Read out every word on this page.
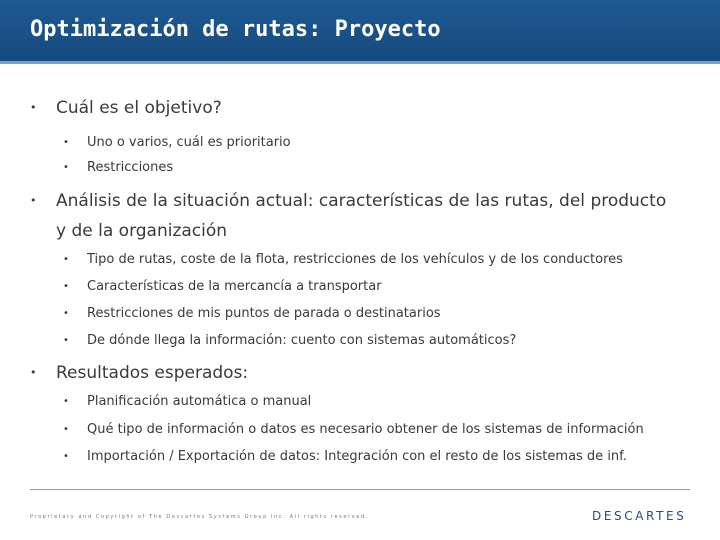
Optimización de rutas: Proyecto
• Cuál es el objetivo?
• Uno o varios, cuál es prioritario
• Restricciones
• Análisis de la situación actual: características de las rutas, del producto y de la organización
• Tipo de rutas, coste de la flota, restricciones de los vehículos y de los conductores
• Características de la mercancía a transportar
• Restricciones de mis puntos de parada o destinatarios
• De dónde llega la información: cuento con sistemas automáticos?
• Resultados esperados:
• Planificación automática o manual
• Qué tipo de información o datos es necesario obtener de los sistemas de información
• Importación / Exportación de datos: Integración con el resto de los sistemas de inf.
Proprietary and Copyright of The Descartes Systems Group Inc. All rights reserved.	DESCARTES
